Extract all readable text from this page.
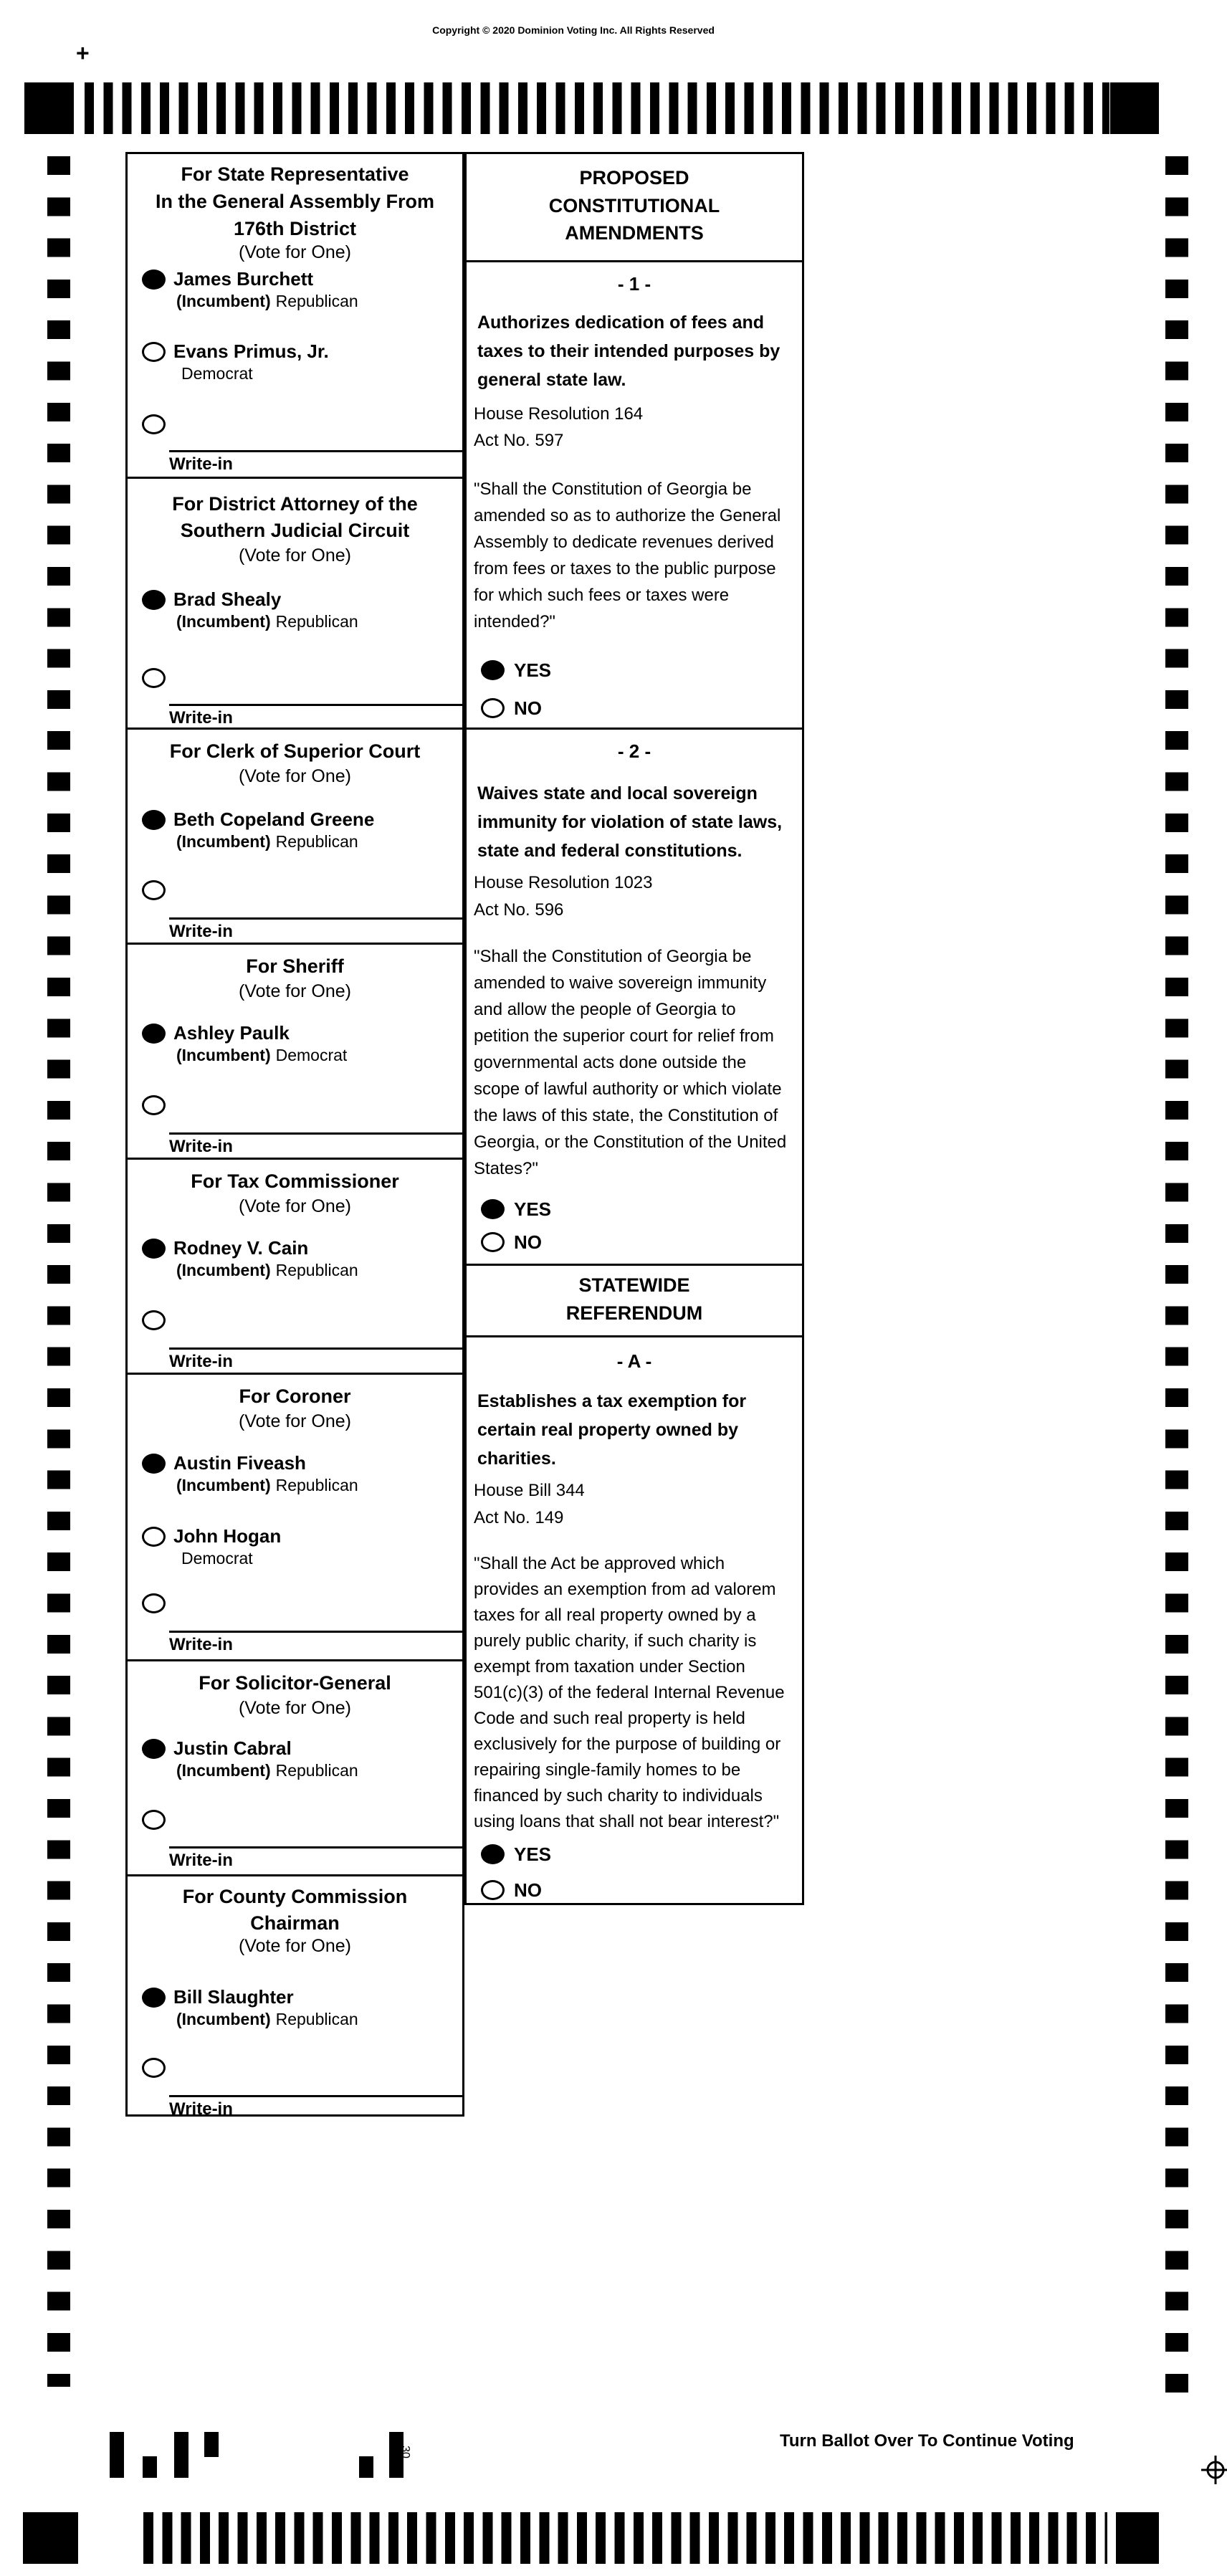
Copyright © 2020 Dominion Voting Inc. All Rights Reserved
+
For State Representative
In the General Assembly From
176th District
(Vote for One)
James Burchett
(Incumbent) Republican
Evans Primus, Jr.
Democrat
Write-in
For District Attorney of the
Southern Judicial Circuit
(Vote for One)
Brad Shealy
(Incumbent) Republican
Write-in
For Clerk of Superior Court
(Vote for One)
Beth Copeland Greene
(Incumbent) Republican
Write-in
For Sheriff
(Vote for One)
Ashley Paulk
(Incumbent) Democrat
Write-in
For Tax Commissioner
(Vote for One)
Rodney V. Cain
(Incumbent) Republican
Write-in
For Coroner
(Vote for One)
Austin Fiveash
(Incumbent) Republican
John Hogan
Democrat
Write-in
For Solicitor-General
(Vote for One)
Justin Cabral
(Incumbent) Republican
Write-in
For County Commission
Chairman
(Vote for One)
Bill Slaughter
(Incumbent) Republican
Write-in
PROPOSED
CONSTITUTIONAL
AMENDMENTS
STATEWIDE
REFERENDUM
- 1 -
Authorizes dedication of fees and
taxes to their intended purposes by
general state law.
House Resolution 164
Act No. 597
"Shall the Constitution of Georgia be
amended so as to authorize the General
Assembly to dedicate revenues derived
from fees or taxes to the public purpose
for which such fees or taxes were
intended?"
YES
NO
- 2 -
Waives state and local sovereign
immunity for violation of state laws,
state and federal constitutions.
House Resolution 1023
Act No. 596
"Shall the Constitution of Georgia be
amended to waive sovereign immunity
and allow the people of Georgia to
petition the superior court for relief from
governmental acts done outside the
scope of lawful authority or which violate
the laws of this state, the Constitution of
Georgia, or the Constitution of the United
States?"
YES
NO
- A -
Establishes a tax exemption for
certain real property owned by
charities.
House Bill 344
Act No. 149
"Shall the Act be approved which
provides an exemption from ad valorem
taxes for all real property owned by a
purely public charity, if such charity is
exempt from taxation under Section
501(c)(3) of the federal Internal Revenue
Code and such real property is held
exclusively for the purpose of building or
repairing single-family homes to be
financed by such charity to individuals
using loans that shall not bear interest?"
YES
NO
30
Turn Ballot Over To Continue Voting
